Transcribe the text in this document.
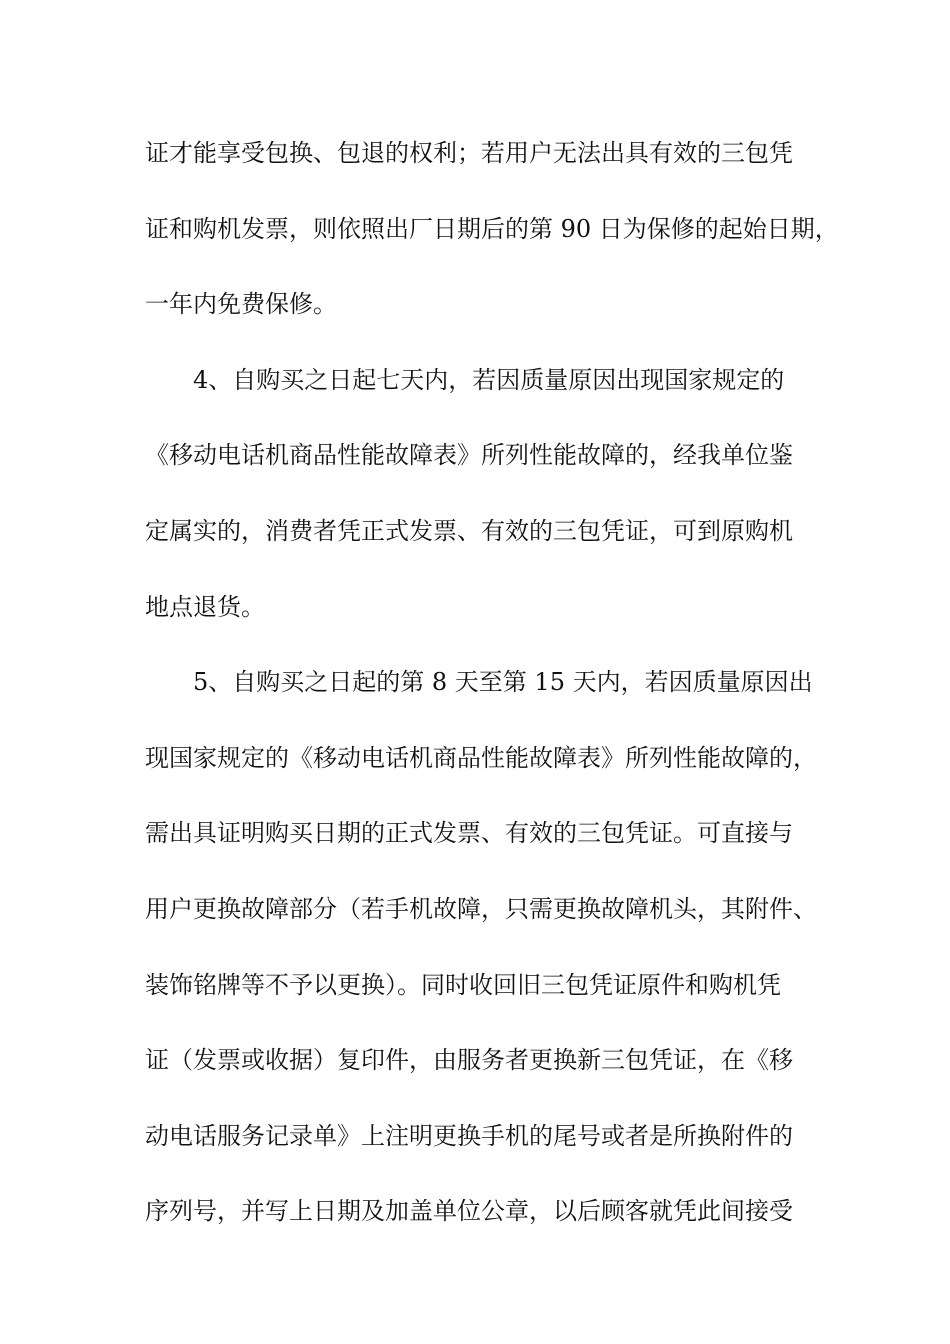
证才能享受包换、包退的权利；若用户无法出具有效的三包凭
证和购机发票，则依照出厂日期后的第 90 日为保修的起始日期，
一年内免费保修。
4、自购买之日起七天内，若因质量原因出现国家规定的
《移动电话机商品性能故障表》所列性能故障的，经我单位鉴
定属实的，消费者凭正式发票、有效的三包凭证，可到原购机
地点退货。
5、自购买之日起的第 8 天至第 15 天内，若因质量原因出
现国家规定的《移动电话机商品性能故障表》所列性能故障的，
需出具证明购买日期的正式发票、有效的三包凭证。可直接与
用户更换故障部分（若手机故障，只需更换故障机头，其附件、
装饰铭牌等不予以更换）。同时收回旧三包凭证原件和购机凭
证（发票或收据）复印件，由服务者更换新三包凭证，在《移
动电话服务记录单》上注明更换手机的尾号或者是所换附件的
序列号，并写上日期及加盖单位公章，以后顾客就凭此间接受
